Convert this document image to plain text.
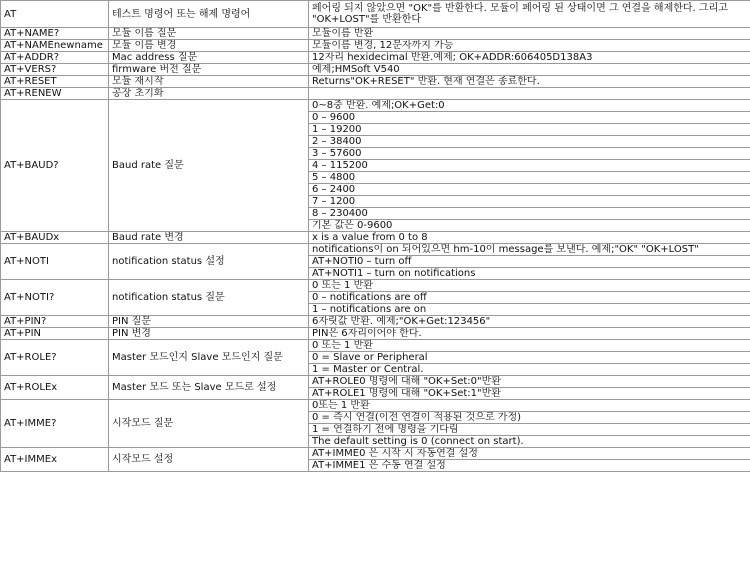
AT	테스트 명령어 또는 해제 명령어	페어링 되지 않았으면 "OK"를 반환한다. 모듈이 페어링 된 상태이면 그 연결을 해제한다. 그리고 "OK+LOST"를 반환한다
AT+NAME?	모듈 이름 질문	모듈이름 반환
AT+NAMEnewname	모듈 이름 변경	모듈이름 변경, 12문자까지 가능
AT+ADDR?	Mac address 질문	12자리 hexidecimal 반환.예제; OK+ADDR:606405D138A3
AT+VERS?	firmware 버전 질문	예제;HMSoft V540
AT+RESET	모듈 재시작	Returns"OK+RESET" 반환. 현재 연결은 종료한다.
AT+RENEW	공장 초기화	
AT+BAUD?	Baud rate 질문	0~8중 반환. 예제;OK+Get:0
		0 – 9600
		1 – 19200
		2 – 38400
		3 – 57600
		4 – 115200
		5 – 4800
		6 – 2400
		7 – 1200
		8 – 230400
		기본 값은 0-9600
AT+BAUDx	Baud rate 변경	x is a value from 0 to 8
AT+NOTI	notification status 설정	notifications이 on 되어있으면 hm-10이 message를 보낸다. 예제;"OK" "OK+LOST"
		AT+NOTI0 – turn off
		AT+NOTI1 – turn on notifications
AT+NOTI?	notification status 질문	0 또는 1 반환
		0 – notifications are off
		1 – notifications are on
AT+PIN?	PIN 질문	6자릿값 반환. 예제;"OK+Get:123456"
AT+PIN	PIN 변경	PIN은 6자리이어야 한다.
AT+ROLE?	Master 모드인지 Slave 모드인지 질문	0 또는 1 반환
		0 = Slave or Peripheral
		1 = Master or Central.
AT+ROLEx	Master 모드 또는 Slave 모드로 설정	AT+ROLE0 명령에 대해 "OK+Set:0"반환
		AT+ROLE1 명령에 대해 "OK+Set:1"반환
AT+IMME?	시작모드 질문	0또는 1 반환
		0 = 즉시 연결(이전 연결이 적용된 것으로 가정)
		1 = 연결하기 전에 명령을 기다림
		The default setting is 0 (connect on start).
AT+IMMEx	시작모드 설정	AT+IMME0 은 시작 시 자동연결 설정
		AT+IMME1 은 수동 연결 설정
